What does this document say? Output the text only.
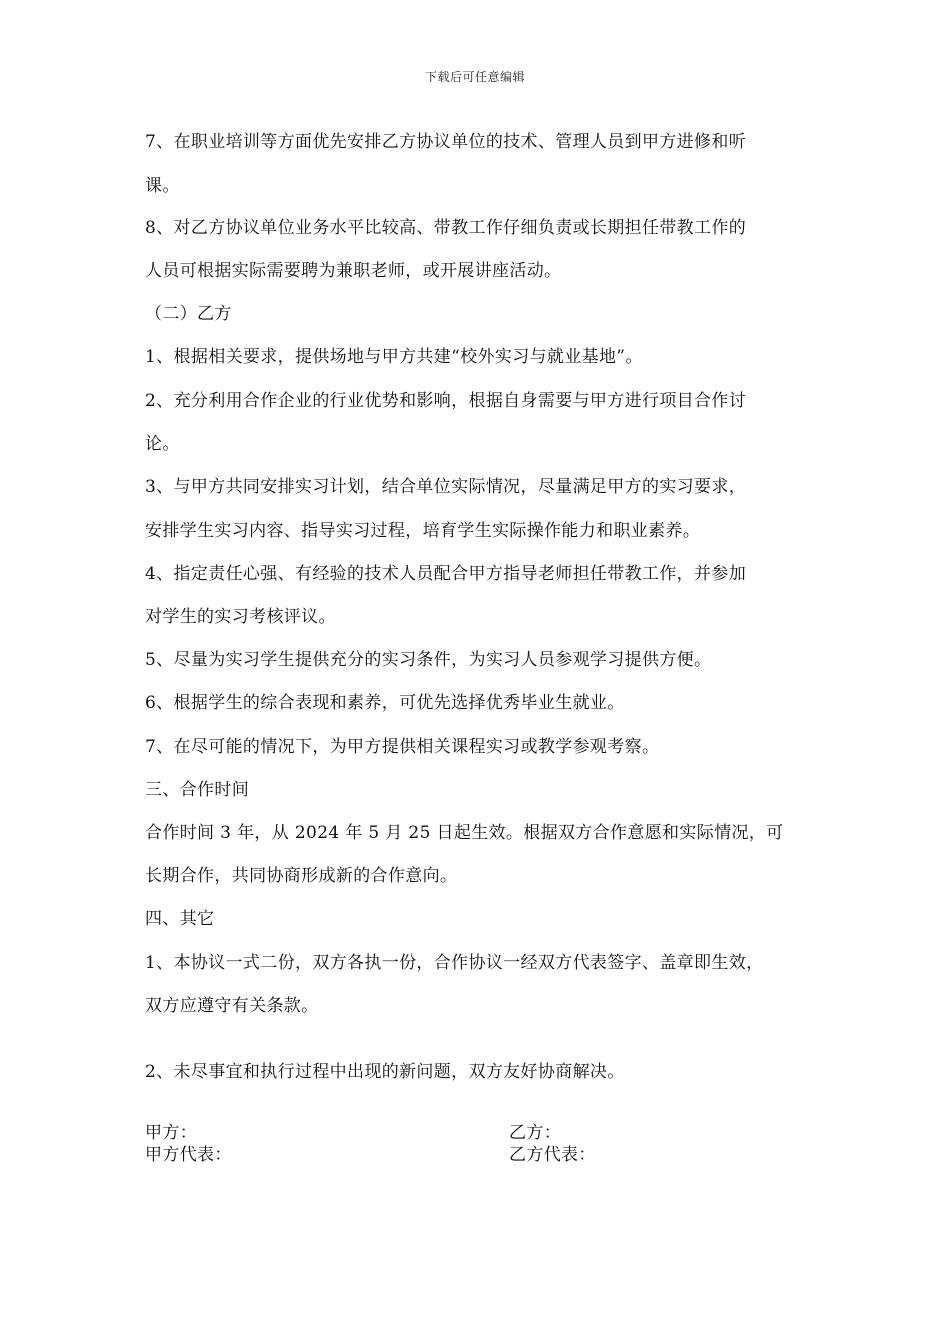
下载后可任意编辑
7、在职业培训等方面优先安排乙方协议单位的技术、管理人员到甲方进修和听
课。
8、对乙方协议单位业务水平比较高、带教工作仔细负责或长期担任带教工作的
人员可根据实际需要聘为兼职老师，或开展讲座活动。
（二）乙方
1、根据相关要求，提供场地与甲方共建“校外实习与就业基地”。
2、充分利用合作企业的行业优势和影响，根据自身需要与甲方进行项目合作讨
论。
3、与甲方共同安排实习计划，结合单位实际情况，尽量满足甲方的实习要求，
安排学生实习内容、指导实习过程，培育学生实际操作能力和职业素养。
4、指定责任心强、有经验的技术人员配合甲方指导老师担任带教工作，并参加
对学生的实习考核评议。
5、尽量为实习学生提供充分的实习条件，为实习人员参观学习提供方便。
6、根据学生的综合表现和素养，可优先选择优秀毕业生就业。
7、在尽可能的情况下，为甲方提供相关课程实习或教学参观考察。
三、合作时间
合作时间 3 年，从 2024 年 5 月 25 日起生效。根据双方合作意愿和实际情况，可
长期合作，共同协商形成新的合作意向。
四、其它
1、本协议一式二份，双方各执一份，合作协议一经双方代表签字、盖章即生效，
双方应遵守有关条款。
2、未尽事宜和执行过程中出现的新问题，双方友好协商解决。
甲方：
甲方代表：
乙方：
乙方代表：
